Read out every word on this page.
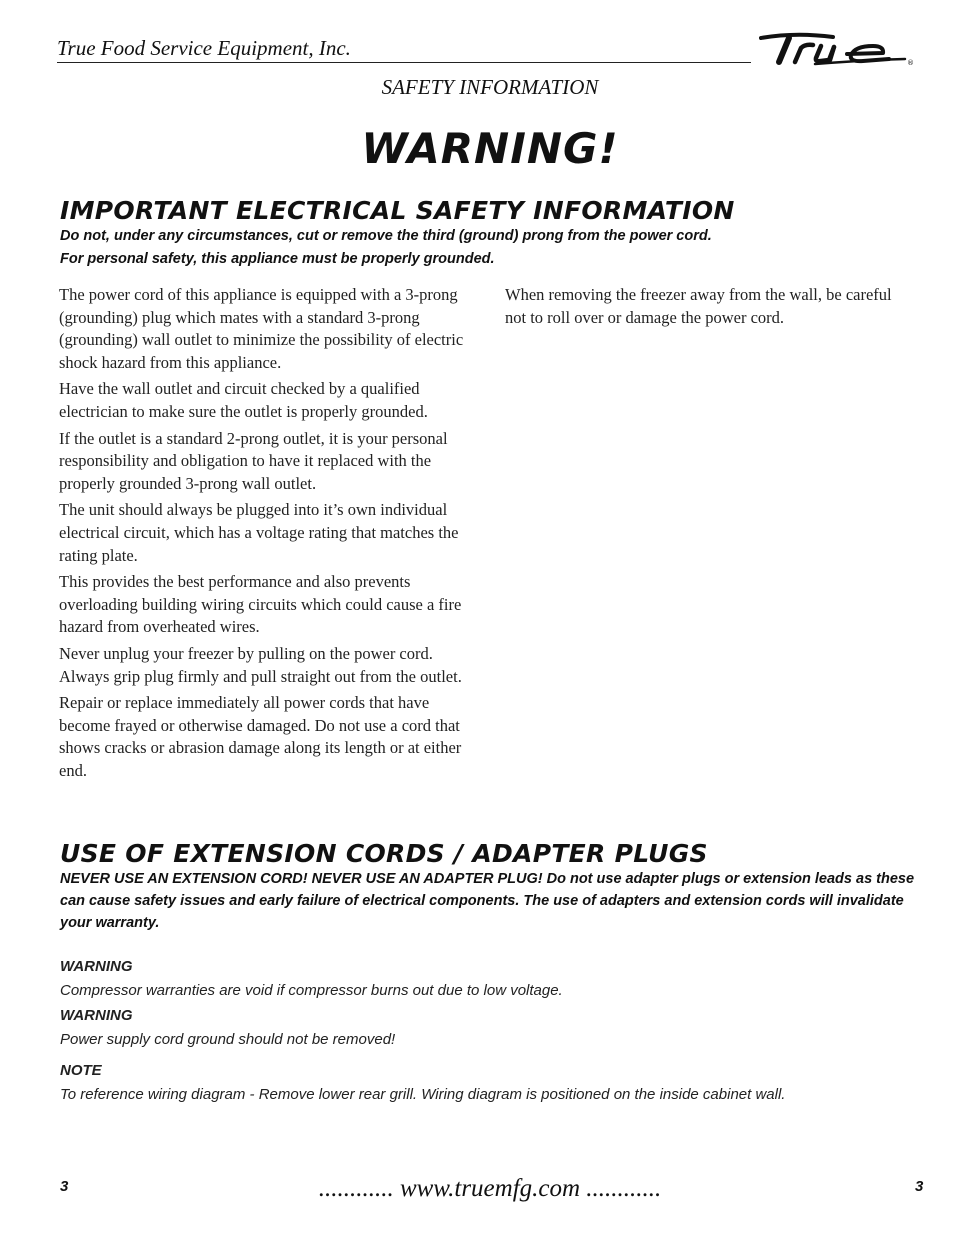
True Food Service Equipment, Inc.
®
SAFETY INFORMATION
WARNING!
IMPORTANT ELECTRICAL SAFETY INFORMATION

Do not, under any circumstances, cut or remove the third (ground) prong from the power cord.

For personal safety, this appliance must be properly grounded.

The power cord of this appliance is equipped with a 3-prong (grounding) plug which mates with a standard 3-prong (grounding) wall outlet to minimize the possibility of electric shock hazard from this appliance.

Have the wall outlet and circuit checked by a qualified electrician to make sure the outlet is properly grounded.

If the outlet is a standard 2-prong outlet, it is your personal responsibility and obligation to have it replaced with the properly grounded 3-prong wall outlet.

The unit should always be plugged into it’s own individual electrical circuit, which has a voltage rating that matches the rating plate.

This provides the best performance and also prevents overloading building wiring circuits which could cause a fire hazard from overheated wires.

Never unplug your freezer by pulling on the power cord. Always grip plug firmly and pull straight out from the outlet.

Repair or replace immediately all power cords that have become frayed or otherwise damaged. Do not use a cord that shows cracks or abrasion damage along its length or at either end.

When removing the freezer away from the wall, be careful not to roll over or damage the power cord.

USE OF EXTENSION CORDS / ADAPTER PLUGS
NEVER USE AN EXTENSION CORD! NEVER USE AN ADAPTER PLUG! Do not use adapter plugs or extension leads as these can cause safety issues and early failure of electrical components. The use of adapters and extension cords will invalidate your warranty.
WARNING
Compressor warranties are void if compressor burns out due to low voltage.
WARNING
Power supply cord ground should not be removed!
NOTE
To reference wiring diagram - Remove lower rear grill. Wiring diagram is positioned on the inside cabinet wall.
3	............ www.truemfg.com ............	3
